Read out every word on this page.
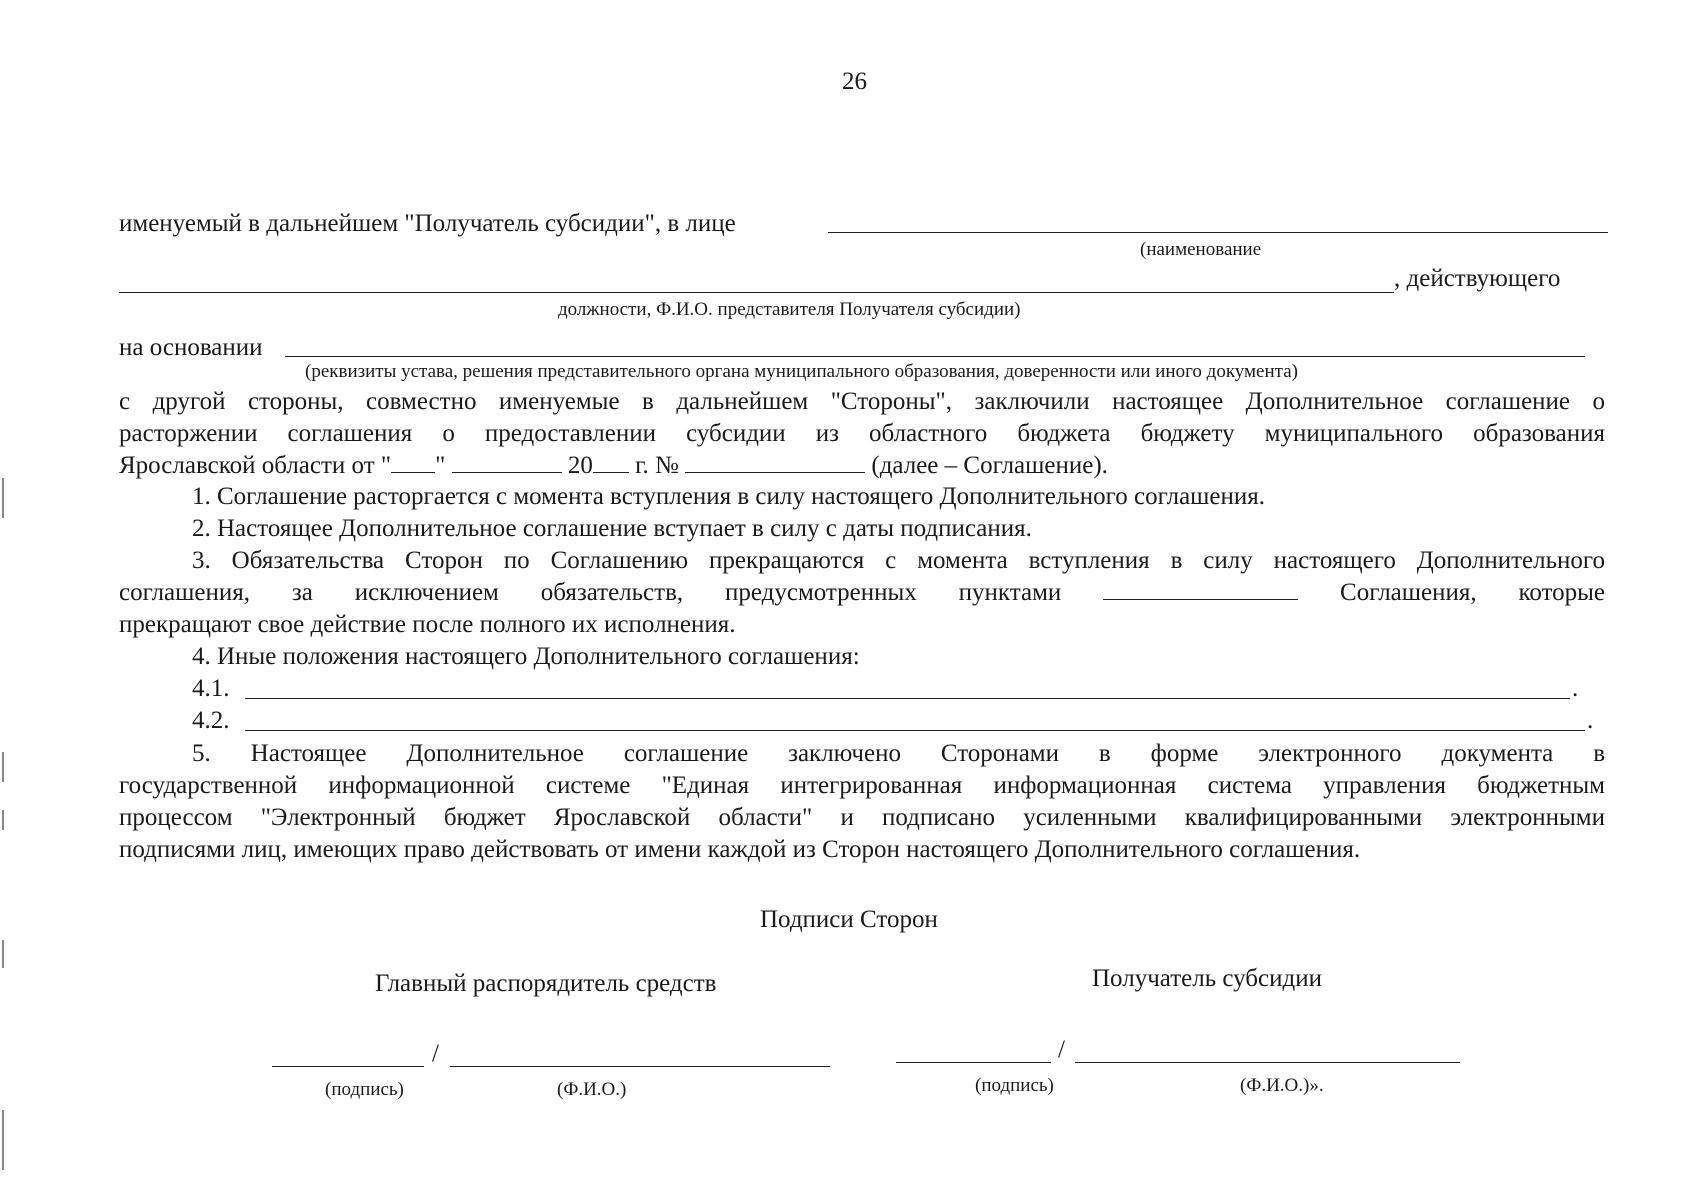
26
именуемый в дальнейшем "Получатель субсидии", в лице
(наименование
, действующего
должности, Ф.И.О. представителя Получателя субсидии)
на основании
(реквизиты устава, решения представительного органа муниципального образования, доверенности или иного документа)
с другой стороны, совместно именуемые в дальнейшем "Стороны", заключили настоящее Дополнительное соглашение о
расторжении соглашения о предоставлении субсидии из областного бюджета бюджету муниципального образования
Ярославской области от " "	20 г. №	(далее – Соглашение).
1. Соглашение расторгается с момента вступления в силу настоящего Дополнительного соглашения.
2. Настоящее Дополнительное соглашение вступает в силу с даты подписания.
3. Обязательства Сторон по Соглашению прекращаются с момента вступления в силу настоящего Дополнительного
соглашения, за исключением обязательств, предусмотренных пунктами	Соглашения, которые
прекращают свое действие после полного их исполнения.
4. Иные положения настоящего Дополнительного соглашения:
4.1.	.
4.2.	.
5. Настоящее Дополнительное соглашение заключено Сторонами в форме электронного документа в
государственной информационной системе "Единая интегрированная информационная система управления бюджетным
процессом "Электронный бюджет Ярославской области" и подписано усиленными квалифицированными электронными
подписями лиц, имеющих право действовать от имени каждой из Сторон настоящего Дополнительного соглашения.
Подписи Сторон
Главный распорядитель средств	Получатель субсидии
/
(подпись)	(Ф.И.О.)
/
(подпись)	(Ф.И.О.)».
